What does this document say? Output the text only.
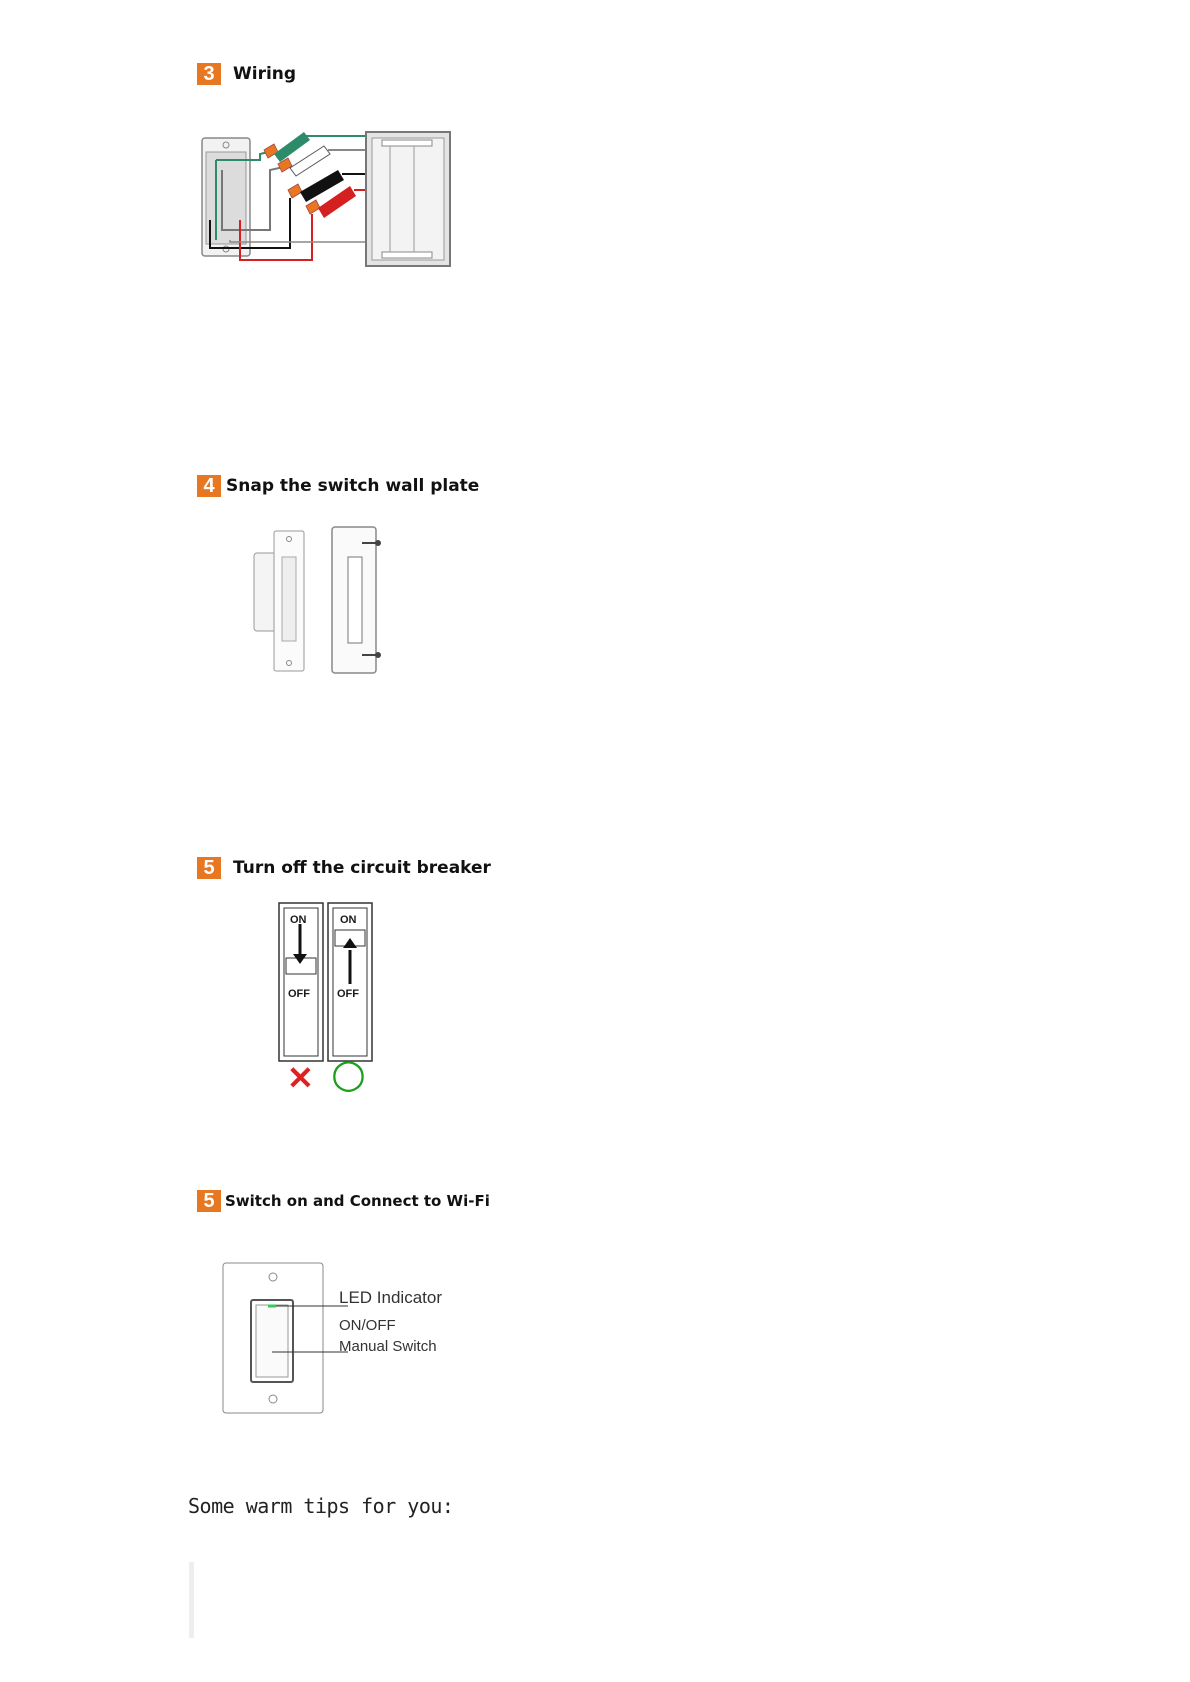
3	Wiring
4 Snap the switch wall plate
5	Turn off the circuit breaker
ON
OFF
ON
OFF
✕ ○
5 Switch on and Connect to Wi-Fi
LED Indicator
ON/OFF
Manual Switch
Some warm tips for you:
